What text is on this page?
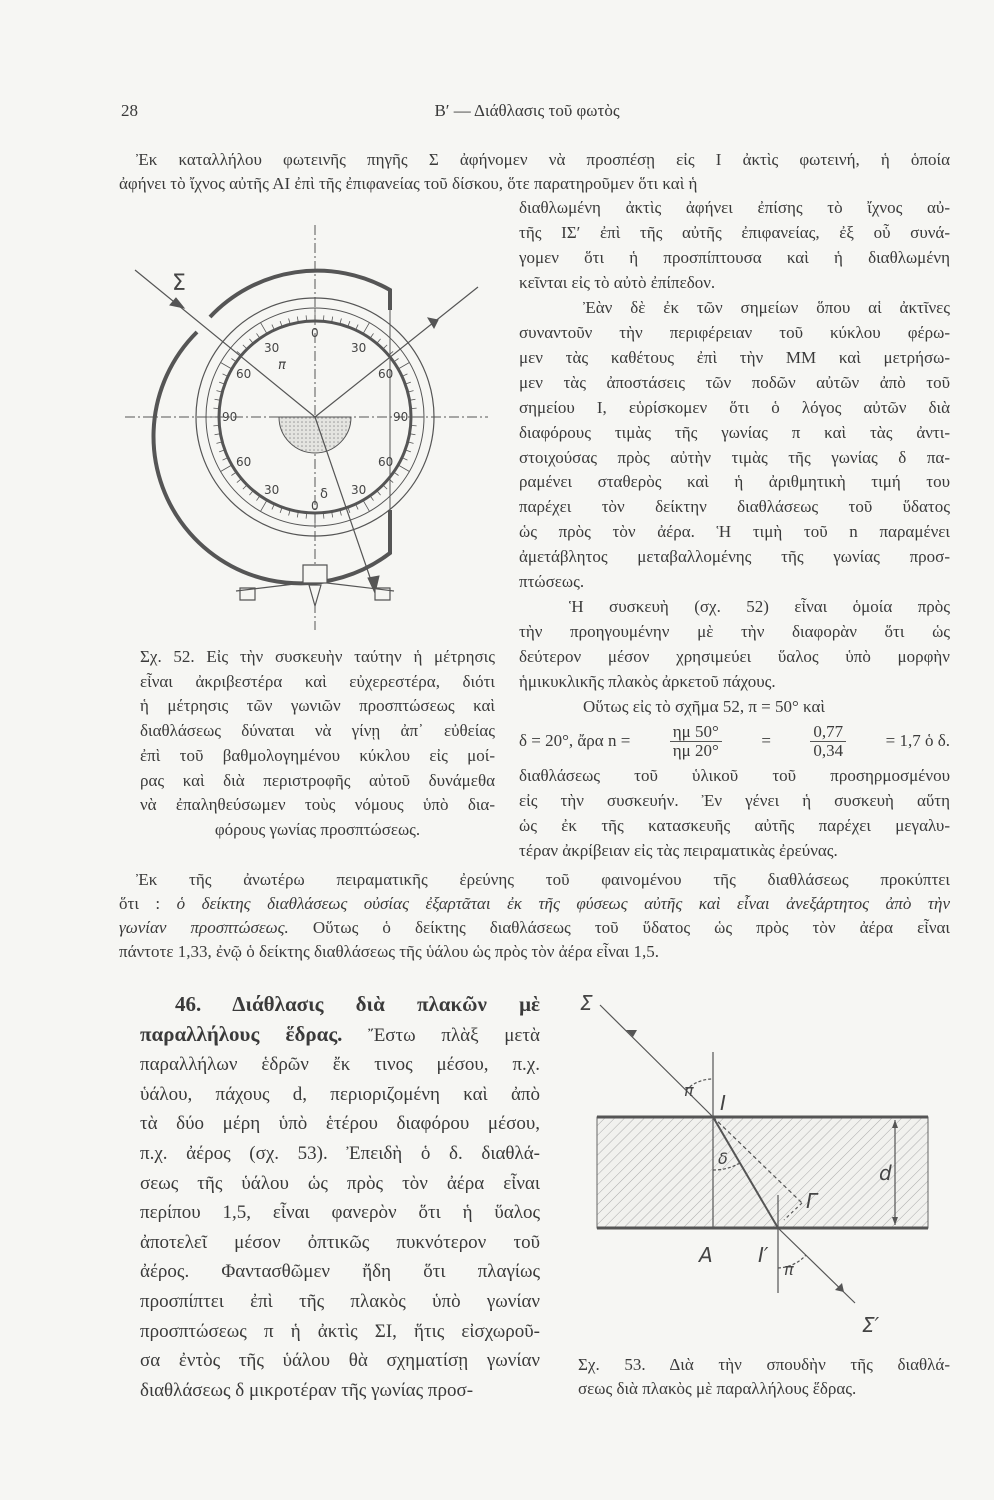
28	Β′ — Διάθλασις τοῦ φωτὸς
Ἐκ καταλλήλου φωτεινῆς πηγῆς Σ ἀφήνομεν νὰ προσπέσῃ εἰς Ι ἀκτὶς φωτεινή, ἡ ὁποία
ἀφήνει τὸ ἴχνος αὐτῆς ΑΙ ἐπὶ τῆς ἐπιφανείας τοῦ δίσκου, ὅτε παρατηροῦμεν ὅτι καὶ ἡ
διαθλωμένη ἀκτὶς ἀφήνει ἐπίσης τὸ ἴχνος αὐ-
τῆς ΙΣ′ ἐπὶ τῆς αὐτῆς ἐπιφανείας, ἐξ οὗ συνά-
γομεν ὅτι ἡ προσπίπτουσα καὶ ἡ διαθλωμένη
κεῖνται εἰς τὸ αὐτὸ ἐπίπεδον.
Ἐὰν δὲ ἐκ τῶν σημείων ὅπου αἱ ἀκτῖνες
συναντοῦν τὴν περιφέρειαν τοῦ κύκλου φέρω-
μεν τὰς καθέτους ἐπὶ τὴν ΜΜ καὶ μετρήσω-
μεν τὰς ἀποστάσεις τῶν ποδῶν αὐτῶν ἀπὸ τοῦ
σημείου Ι, εὑρίσκομεν ὅτι ὁ λόγος αὐτῶν διὰ
διαφόρους τιμὰς τῆς γωνίας π καὶ τὰς ἀντι-
στοιχούσας πρὸς αὐτὴν τιμὰς τῆς γωνίας δ πα-
ραμένει σταθερὸς καὶ ἡ ἀριθμητικὴ τιμή του
παρέχει τὸν δείκτην διαθλάσεως τοῦ ὕδατος
ὡς πρὸς τὸν ἀέρα. Ἡ τιμὴ τοῦ n παραμένει
ἀμετάβλητος μεταβαλλομένης τῆς γωνίας προσ-
πτώσεως.
Ἡ συσκευὴ (σχ. 52) εἶναι ὁμοία πρὸς
τὴν προηγουμένην μὲ τὴν διαφορὰν ὅτι ὡς
δεύτερον μέσον χρησιμεύει ὕαλος ὑπὸ μορφὴν
ἡμικυκλικῆς πλακὸς ἀρκετοῦ πάχους.
Οὕτως εἰς τὸ σχῆμα 52, π = 50° καὶ
δ = 20°, ἄρα $n = \frac{\eta\mu 50^\circ}{\eta\mu 20^\circ} = \frac{0,77}{0,34} = 1,7$ ὁ δ.
διαθλάσεως τοῦ ὑλικοῦ τοῦ προσηρμοσμένου
εἰς τὴν συσκευήν. Ἐν γένει ἡ συσκευὴ αὕτη
ὡς ἐκ τῆς κατασκευῆς αὐτῆς παρέχει μεγαλυ-
τέραν ἀκρίβειαν εἰς τὰς πειραματικὰς ἐρεύνας.
Σ
π
δ
0
30
60
90
60
30
0
30
60
90
60
30
Σχ. 52. Εἰς τὴν συσκευὴν ταύτην ἡ μέτρησις
εἶναι ἀκριβεστέρα καὶ εὐχερεστέρα, διότι
ἡ μέτρησις τῶν γωνιῶν προσπτώσεως καὶ
διαθλάσεως δύναται νὰ γίνῃ ἀπ᾽ εὐθείας
ἐπὶ τοῦ βαθμολογημένου κύκλου εἰς μοί-
ρας καὶ διὰ περιστροφῆς αὐτοῦ δυνάμεθα
νὰ ἐπαληθεύσωμεν τοὺς νόμους ὑπὸ δια-
φόρους γωνίας προσπτώσεως.
Ἐκ τῆς ἀνωτέρω πειραματικῆς ἐρεύνης τοῦ φαινομένου τῆς διαθλάσεως προκύπτει
ὅτι : ὁ δείκτης διαθλάσεως οὐσίας ἐξαρτᾶται ἐκ τῆς φύσεως αὐτῆς καὶ εἶναι ἀνεξάρτητος ἀπὸ τὴν
γωνίαν προσπτώσεως. Οὕτως ὁ δείκτης διαθλάσεως τοῦ ὕδατος ὡς πρὸς τὸν ἀέρα εἶναι
πάντοτε 1,33, ἐνῷ ὁ δείκτης διαθλάσεως τῆς ὑάλου ὡς πρὸς τὸν ἀέρα εἶναι 1,5.
46. Διάθλασις διὰ πλακῶν μὲ
παραλλήλους ἕδρας. Ἔστω πλὰξ μετὰ
παραλλήλων ἑδρῶν ἔκ τινος μέσου, π.χ.
ὑάλου, πάχους d, περιοριζομένη καὶ ἀπὸ
τὰ δύο μέρη ὑπὸ ἑτέρου διαφόρου μέσου,
π.χ. ἀέρος (σχ. 53). Ἐπειδὴ ὁ δ. διαθλά-
σεως τῆς ὑάλου ὡς πρὸς τὸν ἀέρα εἶναι
περίπου 1,5, εἶναι φανερὸν ὅτι ἡ ὕαλος
ἀποτελεῖ μέσον ὀπτικῶς πυκνότερον τοῦ
ἀέρος. Φαντασθῶμεν ἤδη ὅτι πλαγίως
προσπίπτει ἐπὶ τῆς πλακὸς ὑπὸ γωνίαν
προσπτώσεως π ἡ ἀκτὶς ΣΙ, ἥτις εἰσχωροῦ-
σα ἐντὸς τῆς ὑάλου θὰ σχηματίσῃ γωνίαν
διαθλάσεως δ μικροτέραν τῆς γωνίας προσ-
Σ
π
I
δ
d
Γ
A I′
π
Σ′
Σχ. 53. Διὰ τὴν σπουδὴν τῆς διαθλά-
σεως διὰ πλακὸς μὲ παραλλήλους ἕδρας.
